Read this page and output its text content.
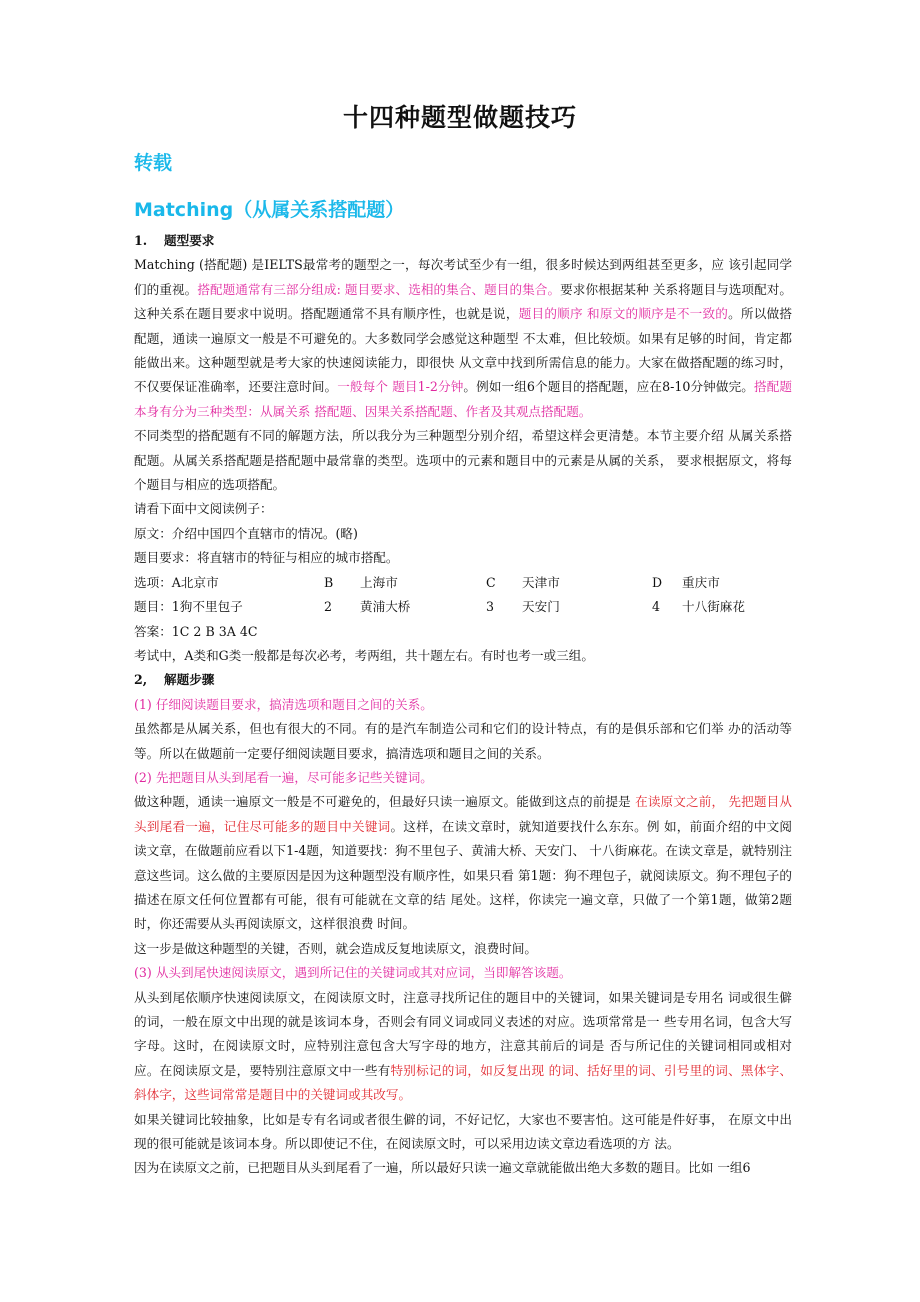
十四种题型做题技巧
转载
Matching（从属关系搭配题）

1. 题型要求

Matching (搭配题) 是IELTS最常考的题型之一，每次考试至少有一组，很多时候达到两组甚至更多，应 该引起同学们的重视。搭配题通常有三部分组成: 题目要求、选相的集合、题目的集合。要求你根据某种 关系将题目与选项配对。这种关系在题目要求中说明。搭配题通常不具有顺序性，也就是说，题目的顺序 和原文的顺序是不一致的。所以做搭配题，通读一遍原文一般是不可避免的。大多数同学会感觉这种题型 不太难，但比较烦。如果有足够的时间，肯定都能做出来。这种题型就是考大家的快速阅读能力，即很快 从文章中找到所需信息的能力。大家在做搭配题的练习时，不仅要保证准确率，还要注意时间。一般每个 题目1-2分钟。例如一组6个题目的搭配题，应在8-10分钟做完。搭配题本身有分为三种类型：从属关系 搭配题、因果关系搭配题、作者及其观点搭配题。

不同类型的搭配题有不同的解题方法，所以我分为三种题型分别介绍，希望这样会更清楚。本节主要介绍 从属关系搭配题。从属关系搭配题是搭配题中最常靠的类型。选项中的元素和题目中的元素是从属的关系， 要求根据原文，将每个题目与相应的选项搭配。

请看下面中文阅读例子：

原文：介绍中国四个直辖市的情况。(略)

题目要求：将直辖市的特征与相应的城市搭配。

选项：A北京市	B	上海市	C	天津市	D	重庆市
题目：1狗不里包子	2	黄浦大桥	3	天安门	4	十八街麻花

答案：1C 2 B 3A 4C

考试中，A类和G类一般都是每次必考，考两组，共十题左右。有时也考一或三组。

2, 解题步骤

(1) 仔细阅读题目要求，搞清选项和题目之间的关系。

虽然都是从属关系，但也有很大的不同。有的是汽车制造公司和它们的设计特点，有的是俱乐部和它们举 办的活动等等。所以在做题前一定要仔细阅读题目要求，搞清选项和题目之间的关系。

(2) 先把题目从头到尾看一遍，尽可能多记些关键词。

做这种题，通读一遍原文一般是不可避免的，但最好只读一遍原文。能做到这点的前提是 在读原文之前， 先把题目从头到尾看一遍，记住尽可能多的题目中关键词。这样，在读文章时，就知道要找什么东东。例 如，前面介绍的中文阅读文章，在做题前应看以下1-4题，知道要找：狗不里包子、黄浦大桥、天安门、 十八街麻花。在读文章是，就特别注意这些词。这么做的主要原因是因为这种题型没有顺序性，如果只看 第1题：狗不理包子，就阅读原文。狗不理包子的描述在原文任何位置都有可能，很有可能就在文章的结 尾处。这样，你读完一遍文章，只做了一个第1题，做第2题时，你还需要从头再阅读原文，这样很浪费 时间。

这一步是做这种题型的关键，否则，就会造成反复地读原文，浪费时间。

(3) 从头到尾快速阅读原文，遇到所记住的关键词或其对应词，当即解答该题。

从头到尾依顺序快速阅读原文，在阅读原文时，注意寻找所记住的题目中的关键词，如果关键词是专用名 词或很生僻的词，一般在原文中出现的就是该词本身，否则会有同义词或同义表述的对应。选项常常是一 些专用名词，包含大写字母。这时，在阅读原文时，应特别注意包含大写字母的地方，注意其前后的词是 否与所记住的关键词相同或相对应。在阅读原文是，要特别注意原文中一些有特别标记的词，如反复出现 的词、括好里的词、引号里的词、黑体字、斜体字，这些词常常是题目中的关键词或其改写。

如果关键词比较抽象，比如是专有名词或者很生僻的词，不好记忆，大家也不要害怕。这可能是件好事， 在原文中出现的很可能就是该词本身。所以即使记不住，在阅读原文时，可以采用边读文章边看选项的方 法。

因为在读原文之前，已把题目从头到尾看了一遍，所以最好只读一遍文章就能做出绝大多数的题目。比如 一组6
